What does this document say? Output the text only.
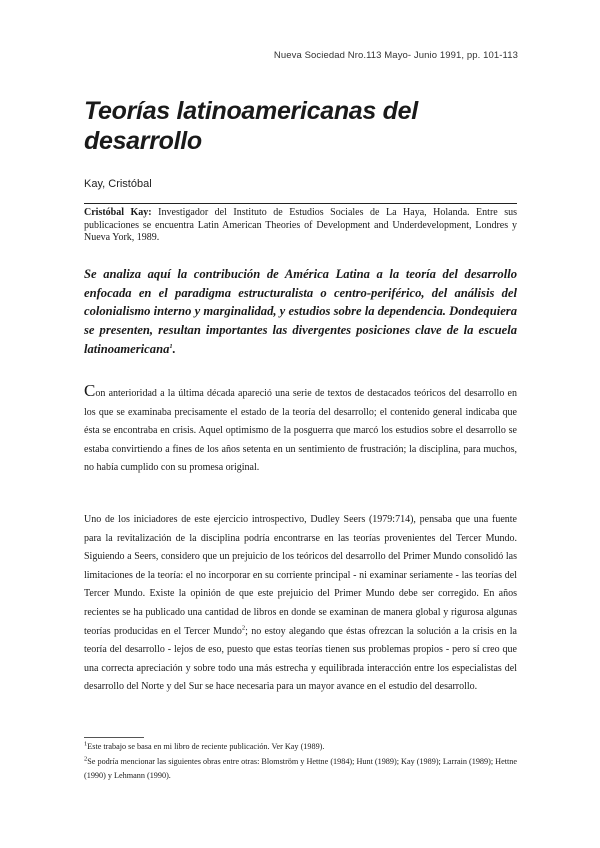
Nueva Sociedad Nro.113 Mayo- Junio 1991, pp. 101-113
Teorías latinoamericanas del desarrollo
Kay, Cristóbal
Cristóbal Kay: Investigador del Instituto de Estudios Sociales de La Haya, Holanda. Entre sus publicaciones se encuentra Latin American Theories of Development and Underdevelopment, Londres y Nueva York, 1989.
Se analiza aquí la contribución de América Latina a la teoría del desarrollo enfocada en el paradigma estructuralista o centro-periférico, del análisis del colonialismo interno y marginalidad, y estudios sobre la dependencia. Dondequiera se presenten, resultan importantes las divergentes posiciones clave de la escuela latinoamericana$^1$.
Con anterioridad a la última década apareció una serie de textos de destacados teóricos del desarrollo en los que se examinaba precisamente el estado de la teoría del desarrollo; el contenido general indicaba que ésta se encontraba en crisis. Aquel optimismo de la posguerra que marcó los estudios sobre el desarrollo se estaba convirtiendo a fines de los años setenta en un sentimiento de frustración; la disciplina, para muchos, no había cumplido con su promesa original.
Uno de los iniciadores de este ejercicio introspectivo, Dudley Seers (1979:714), pensaba que una fuente para la revitalización de la disciplina podría encontrarse en las teorías provenientes del Tercer Mundo. Siguiendo a Seers, considero que un prejuicio de los teóricos del desarrollo del Primer Mundo consolidó las limitaciones de la teoría: el no incorporar en su corriente principal - ni examinar seriamente - las teorías del Tercer Mundo. Existe la opinión de que este prejuicio del Primer Mundo debe ser corregido. En años recientes se ha publicado una cantidad de libros en donde se examinan de manera global y rigurosa algunas teorías producidas en el Tercer Mundo$^2$; no estoy alegando que éstas ofrezcan la solución a la crisis en la teoría del desarrollo - lejos de eso, puesto que estas teorías tienen sus problemas propios - pero sí creo que una correcta apreciación y sobre todo una más estrecha y equilibrada interacción entre los especialistas del desarrollo del Norte y del Sur se hace necesaria para un mayor avance en el estudio del desarrollo.
$^1$Este trabajo se basa en mi libro de reciente publicación. Ver Kay (1989).
$^2$Se podría mencionar las siguientes obras entre otras: Blomström y Hettne (1984); Hunt (1989); Kay (1989); Larrain (1989); Hettne (1990) y Lehmann (1990).
